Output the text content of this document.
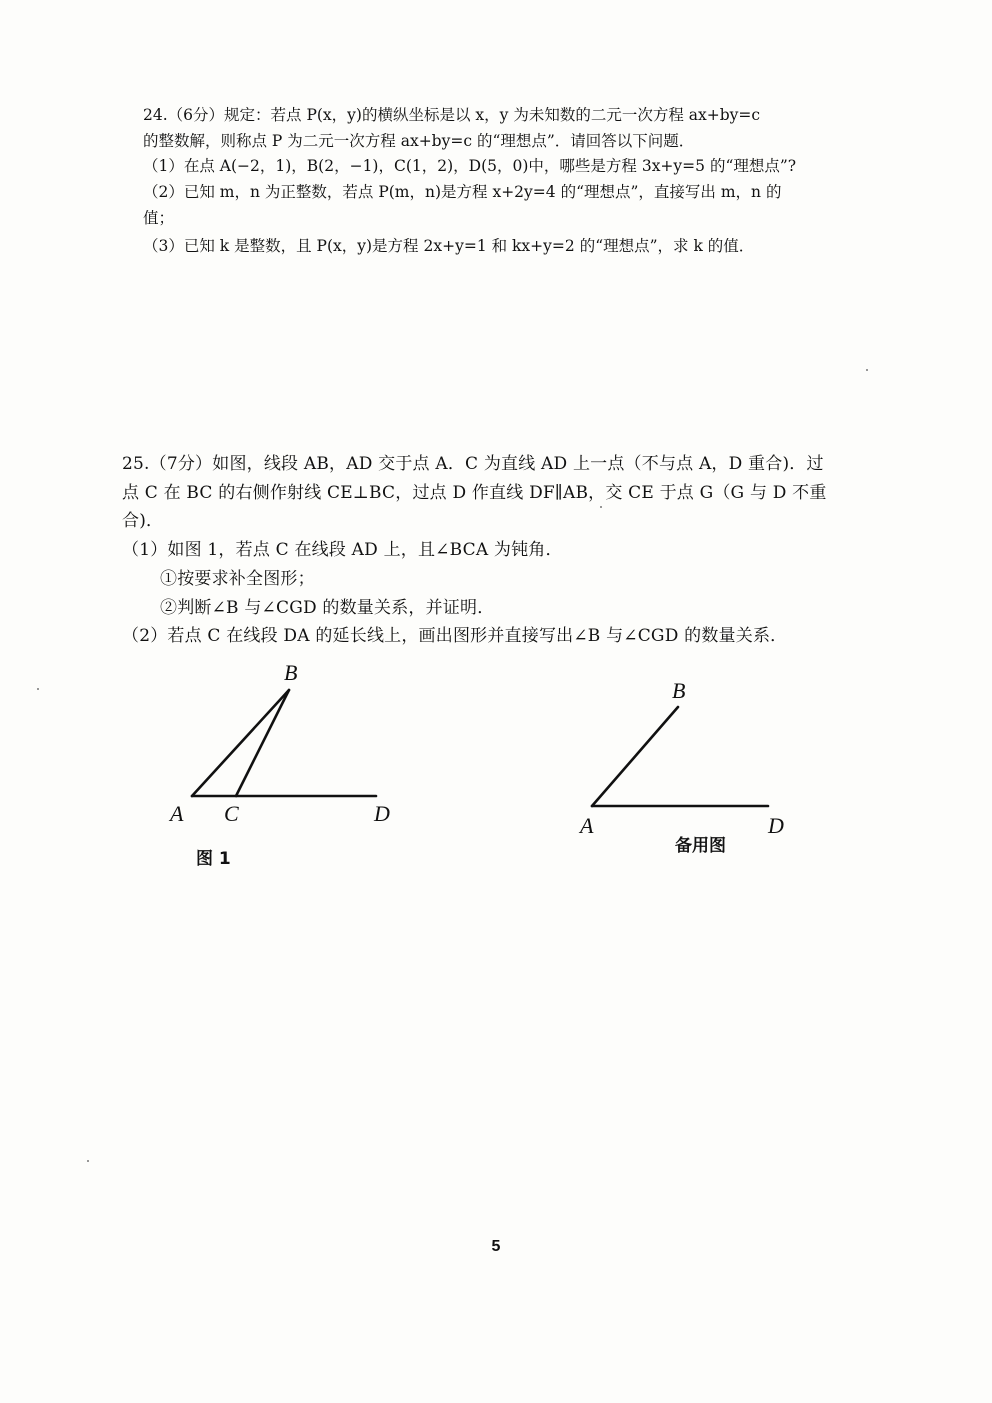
24.（6分）规定：若点 P(x，y)的横纵坐标是以 x，y 为未知数的二元一次方程 ax+by=c
的整数解，则称点 P 为二元一次方程 ax+by=c 的“理想点”．请回答以下问题．
（1）在点 A(−2，1)，B(2，−1)，C(1，2)，D(5，0)中，哪些是方程 3x+y=5 的“理想点”?
（2）已知 m，n 为正整数，若点 P(m，n)是方程 x+2y=4 的“理想点”，直接写出 m，n 的
值；
（3）已知 k 是整数，且 P(x，y)是方程 2x+y=1 和 kx+y=2 的“理想点”，求 k 的值．
25.（7分）如图，线段 AB，AD 交于点 A．C 为直线 AD 上一点（不与点 A，D 重合)．过
点 C 在 BC 的右侧作射线 CE⊥BC，过点 D 作直线 DF∥AB，交 CE 于点 G（G 与 D 不重
合)．
（1）如图 1，若点 C 在线段 AD 上，且∠BCA 为钝角．
①按要求补全图形；
②判断∠B 与∠CGD 的数量关系，并证明．
（2）若点 C 在线段 DA 的延长线上，画出图形并直接写出∠B 与∠CGD 的数量关系．
B
A C	D
图 1
B
A	D
备用图
5
